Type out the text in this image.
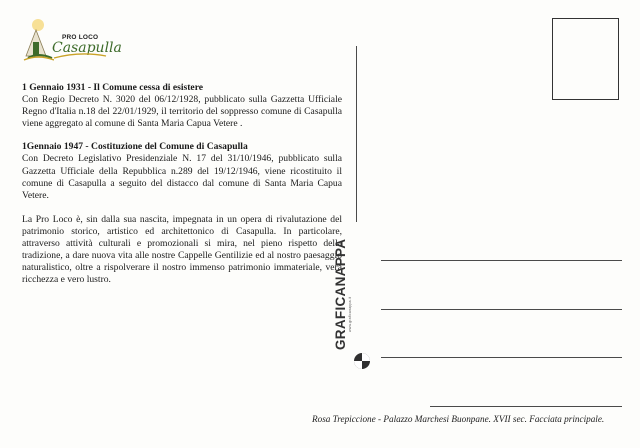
PRO LOCO
Casapulla

1 Gennaio 1931 - Il Comune cessa di esistere

Con Regio Decreto N. 3020 del 06/12/1928, pubblicato sulla Gazzetta Ufficiale Regno d'Italia n.18 del 22/01/1929, il territorio del soppresso comune di Casapulla viene aggregato al comune di Santa Maria Capua Vetere .

1Gennaio 1947 - Costituzione del Comune di Casapulla

Con Decreto Legislativo Presidenziale N. 17 del 31/10/1946, pubblicato sulla Gazzetta Ufficiale della Repubblica n.289 del 19/12/1946, viene ricostituito il comune di Casapulla a seguito del distacco dal comune di Santa Maria Capua Vetere.

La Pro Loco è, sin dalla sua nascita, impegnata in un opera di rivalutazione del patrimonio storico, artistico ed architettonico di Casapulla. In particolare, attraverso attività culturali e promozionali si mira, nel pieno rispetto della tradizione, a dare nuova vita alle nostre Cappelle Gentilizie ed al nostro paesaggio naturalistico, oltre a rispolverare il nostro immenso patrimonio immateriale, vera ricchezza e vero lustro.	GRAFICANAPPA www.graficanappa.it
Rosa Trepiccione - Palazzo Marchesi Buonpane. XVII sec. Facciata principale.
